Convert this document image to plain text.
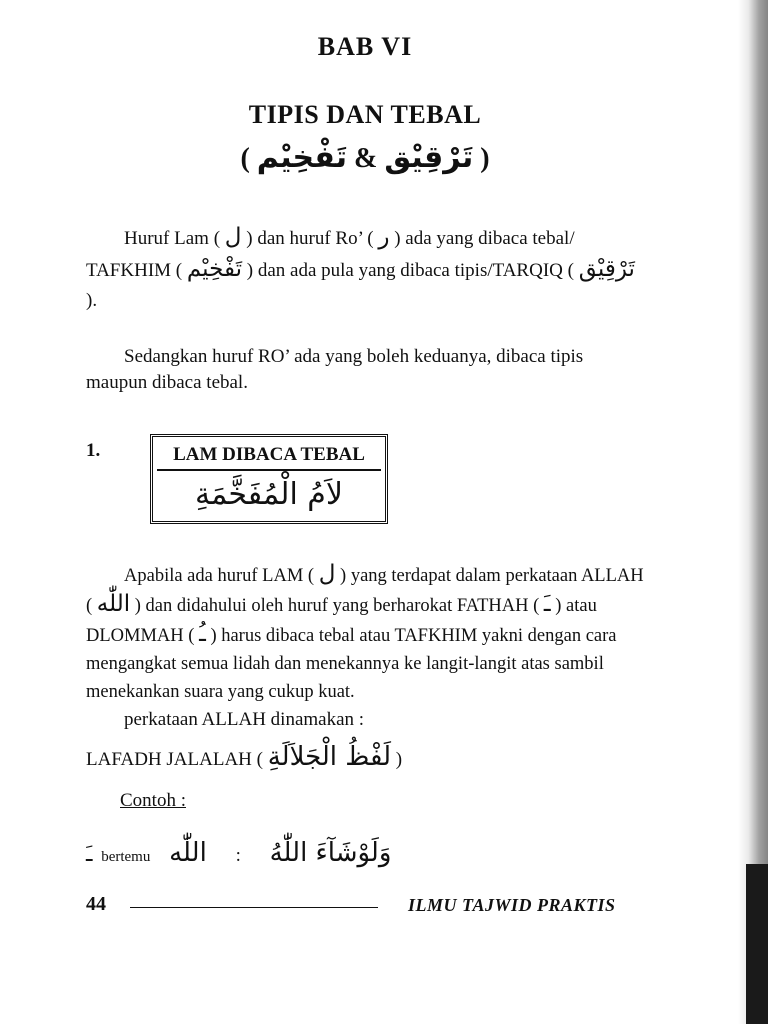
BAB VI
TIPIS DAN TEBAL
( تَفْخِيْم & تَرْقِيْق )
Huruf Lam ( ل ) dan huruf Ro’ ( ر ) ada yang dibaca tebal/ TAFKHIM ( تَفْخِيْم ) dan ada pula yang dibaca tipis/TARQIQ ( تَرْقِيْق ).
Sedangkan huruf RO’ ada yang boleh keduanya, dibaca tipis maupun dibaca tebal.
1.	LAM DIBACA TEBAL
لاَمُ الْمُفَخَّمَةِ
Apabila ada huruf LAM ( ل ) yang terdapat dalam perkataan ALLAH ( اللّٰه ) dan didahului oleh huruf yang berharokat FATHAH ( ـَ ) atau DLOMMAH ( ـُ ) harus dibaca tebal atau TAFKHIM yakni dengan cara mengangkat semua lidah dan menekannya ke langit-langit atas sambil menekankan suara yang cukup kuat.
perkataan ALLAH dinamakan :
LAFADH JALALAH ( لَفْظُ الْجَلاَلَةِ )
Contoh :
ـَ bertemu اللّٰه : وَلَوْشَآءَ اللّٰهُ
44	ILMU TAJWID PRAKTIS
